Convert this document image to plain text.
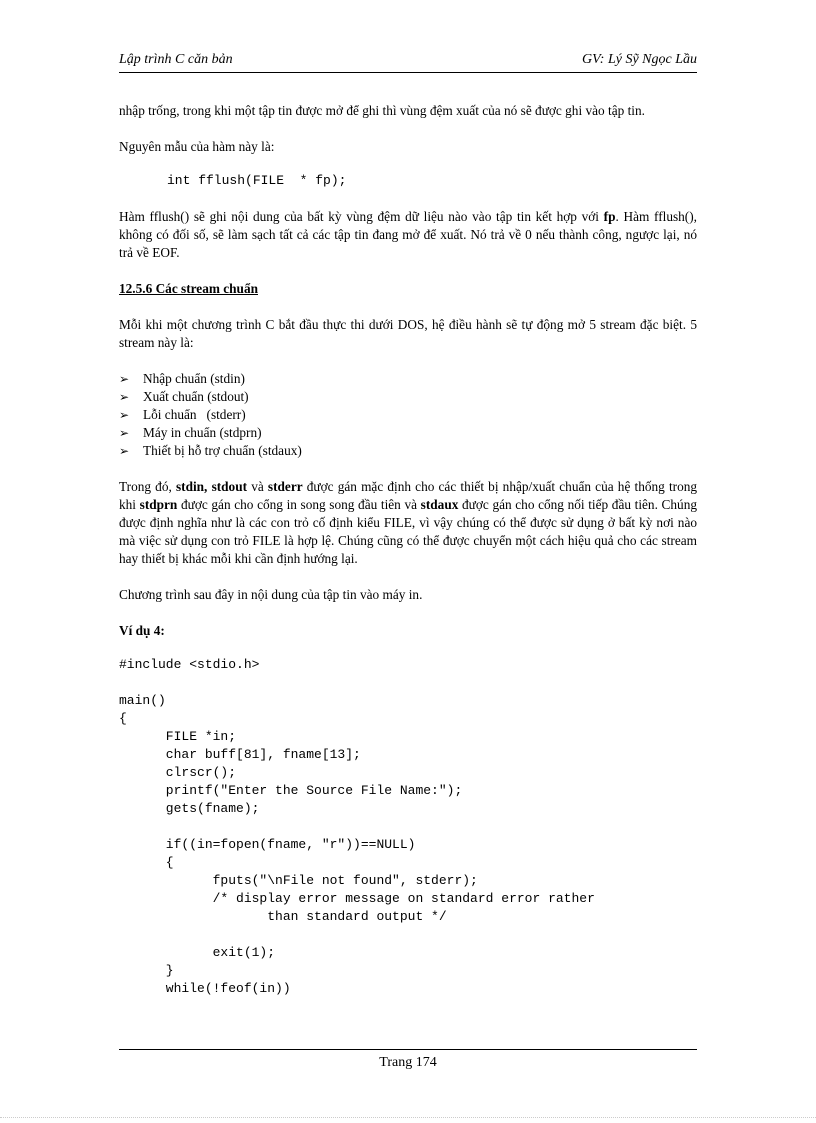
Lập trình C căn bản	GV: Lý Sỹ Ngọc Lầu

nhập trống, trong khi một tập tin được mở để ghi thì vùng đệm xuất của nó sẽ được ghi vào tập tin.

Nguyên mẫu của hàm này là:

int fflush(FILE  * fp);

Hàm fflush() sẽ ghi nội dung của bất kỳ vùng đệm dữ liệu nào vào tập tin kết hợp với fp. Hàm fflush(), không có đối số, sẽ làm sạch tất cả các tập tin đang mở để xuất. Nó trả về 0 nếu thành công, ngược lại, nó trả về EOF.

12.5.6 Các stream chuẩn

Mỗi khi một chương trình C bắt đầu thực thi dưới DOS, hệ điều hành sẽ tự động mở 5 stream đặc biệt. 5 stream này là:

➢ Nhập chuẩn (stdin)
➢ Xuất chuẩn (stdout)
➢ Lỗi chuẩn   (stderr)
➢ Máy in chuẩn (stdprn)
➢ Thiết bị hỗ trợ chuẩn (stdaux)

Trong đó, stdin, stdout và stderr được gán mặc định cho các thiết bị nhập/xuất chuẩn của hệ thống trong khi stdprn được gán cho cổng in song song đầu tiên và stdaux được gán cho cổng nối tiếp đầu tiên. Chúng được định nghĩa như là các con trỏ cố định kiểu FILE, vì vậy chúng có thể được sử dụng ở bất kỳ nơi nào mà việc sử dụng con trỏ FILE là hợp lệ. Chúng cũng có thể được chuyển một cách hiệu quả cho các stream hay thiết bị khác mỗi khi cần định hướng lại.

Chương trình sau đây in nội dung của tập tin vào máy in.

Ví dụ 4:

#include <stdio.h>

main()
{
FILE *in;
char buff[81], fname[13];
clrscr();
printf("Enter the Source File Name:");
gets(fname);

if((in=fopen(fname, "r"))==NULL)
{
fputs("\nFile not found", stderr);
/* display error message on standard error rather
than standard output */

exit(1);
}
while(!feof(in))
Trang 174
